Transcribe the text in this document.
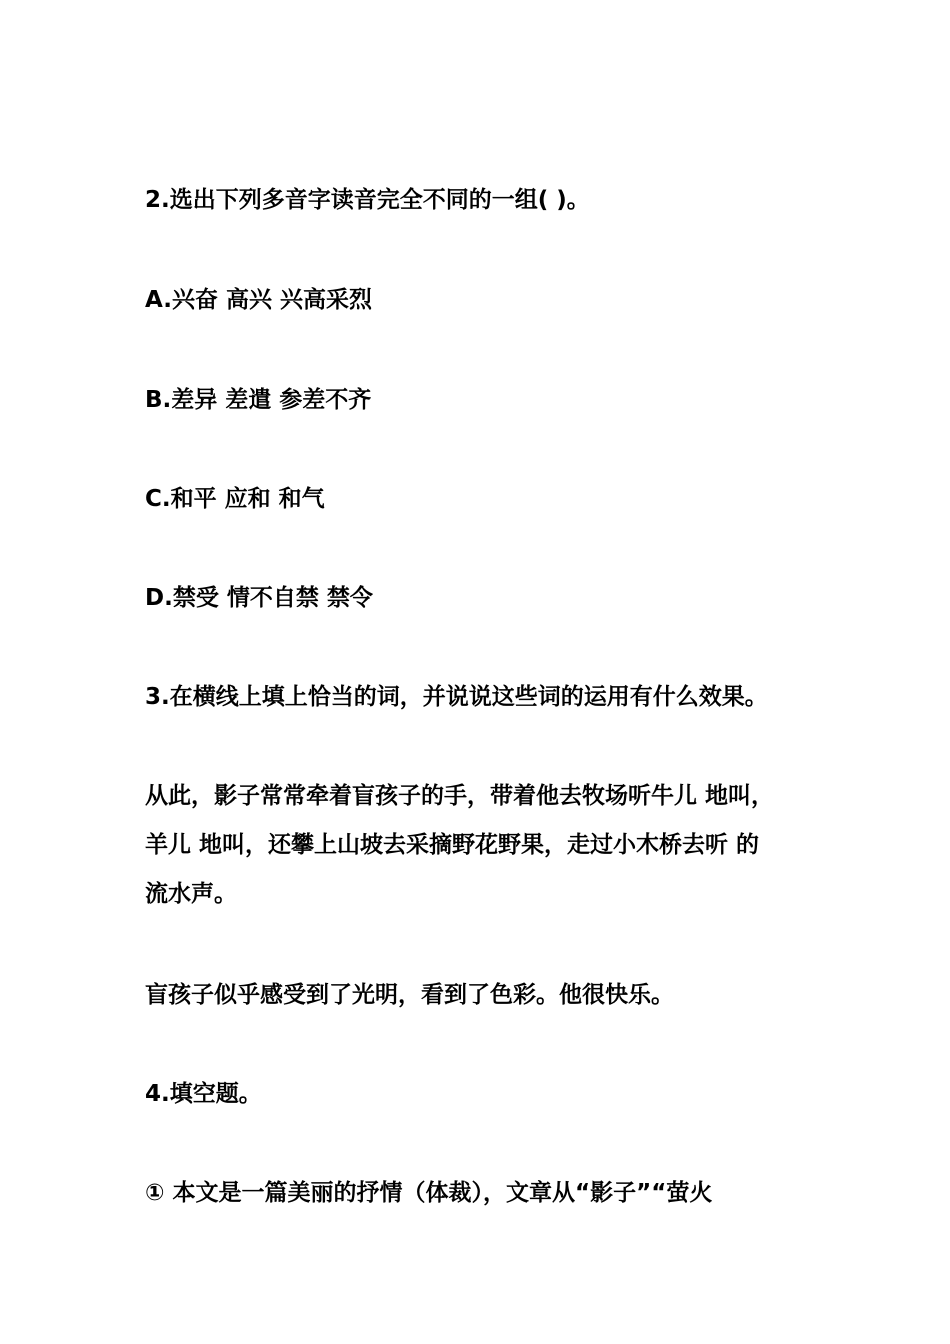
2.选出下列多音字读音完全不同的一组( )。
A.兴奋 高兴 兴高采烈
B.差异 差遣 参差不齐
C.和平 应和 和气
D.禁受 情不自禁 禁令
3.在横线上填上恰当的词，并说说这些词的运用有什么效果。
从此，影子常常牵着盲孩子的手，带着他去牧场听牛儿 地叫，
羊儿 地叫，还攀上山坡去采摘野花野果，走过小木桥去听 的
流水声。
盲孩子似乎感受到了光明，看到了色彩。他很快乐。
4.填空题。
① 本文是一篇美丽的抒情（体裁），文章从“影子”“萤火
